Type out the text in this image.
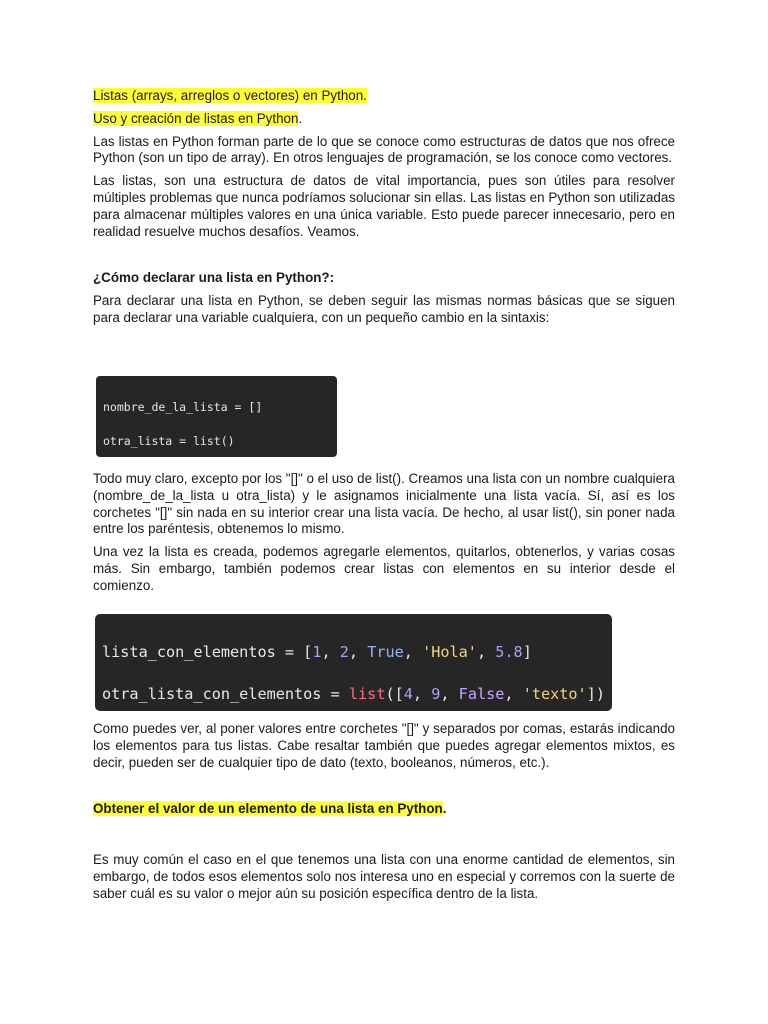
Listas (arrays, arreglos o vectores) en Python.

Uso y creación de listas en Python.

Las listas en Python forman parte de lo que se conoce como estructuras de datos que nos ofrece Python (son un tipo de array). En otros lenguajes de programación, se los conoce como vectores.

Las listas, son una estructura de datos de vital importancia, pues son útiles para resolver múltiples problemas que nunca podríamos solucionar sin ellas. Las listas en Python son utilizadas para almacenar múltiples valores en una única variable. Esto puede parecer innecesario, pero en realidad resuelve muchos desafíos. Veamos.

¿Cómo declarar una lista en Python?:

Para declarar una lista en Python, se deben seguir las mismas normas básicas que se siguen para declarar una variable cualquiera, con un pequeño cambio en la sintaxis:

nombre_de_la_lista = []
otra_lista = list()

Todo muy claro, excepto por los "[]" o el uso de list(). Creamos una lista con un nombre cualquiera (nombre_de_la_lista u otra_lista) y le asignamos inicialmente una lista vacía. Sí, así es los corchetes "[]" sin nada en su interior crear una lista vacía. De hecho, al usar list(), sin poner nada entre los paréntesis, obtenemos lo mismo.

Una vez la lista es creada, podemos agregarle elementos, quitarlos, obtenerlos, y varias cosas más. Sin embargo, también podemos crear listas con elementos en su interior desde el comienzo.

lista_con_elementos = [1, 2, True, 'Hola', 5.8]
otra_lista_con_elementos = list([4, 9, False, 'texto'])

Como puedes ver, al poner valores entre corchetes "[]" y separados por comas, estarás indicando los elementos para tus listas. Cabe resaltar también que puedes agregar elementos mixtos, es decir, pueden ser de cualquier tipo de dato (texto, booleanos, números, etc.).

Obtener el valor de un elemento de una lista en Python.

Es muy común el caso en el que tenemos una lista con una enorme cantidad de elementos, sin embargo, de todos esos elementos solo nos interesa uno en especial y corremos con la suerte de saber cuál es su valor o mejor aún su posición específica dentro de la lista.
